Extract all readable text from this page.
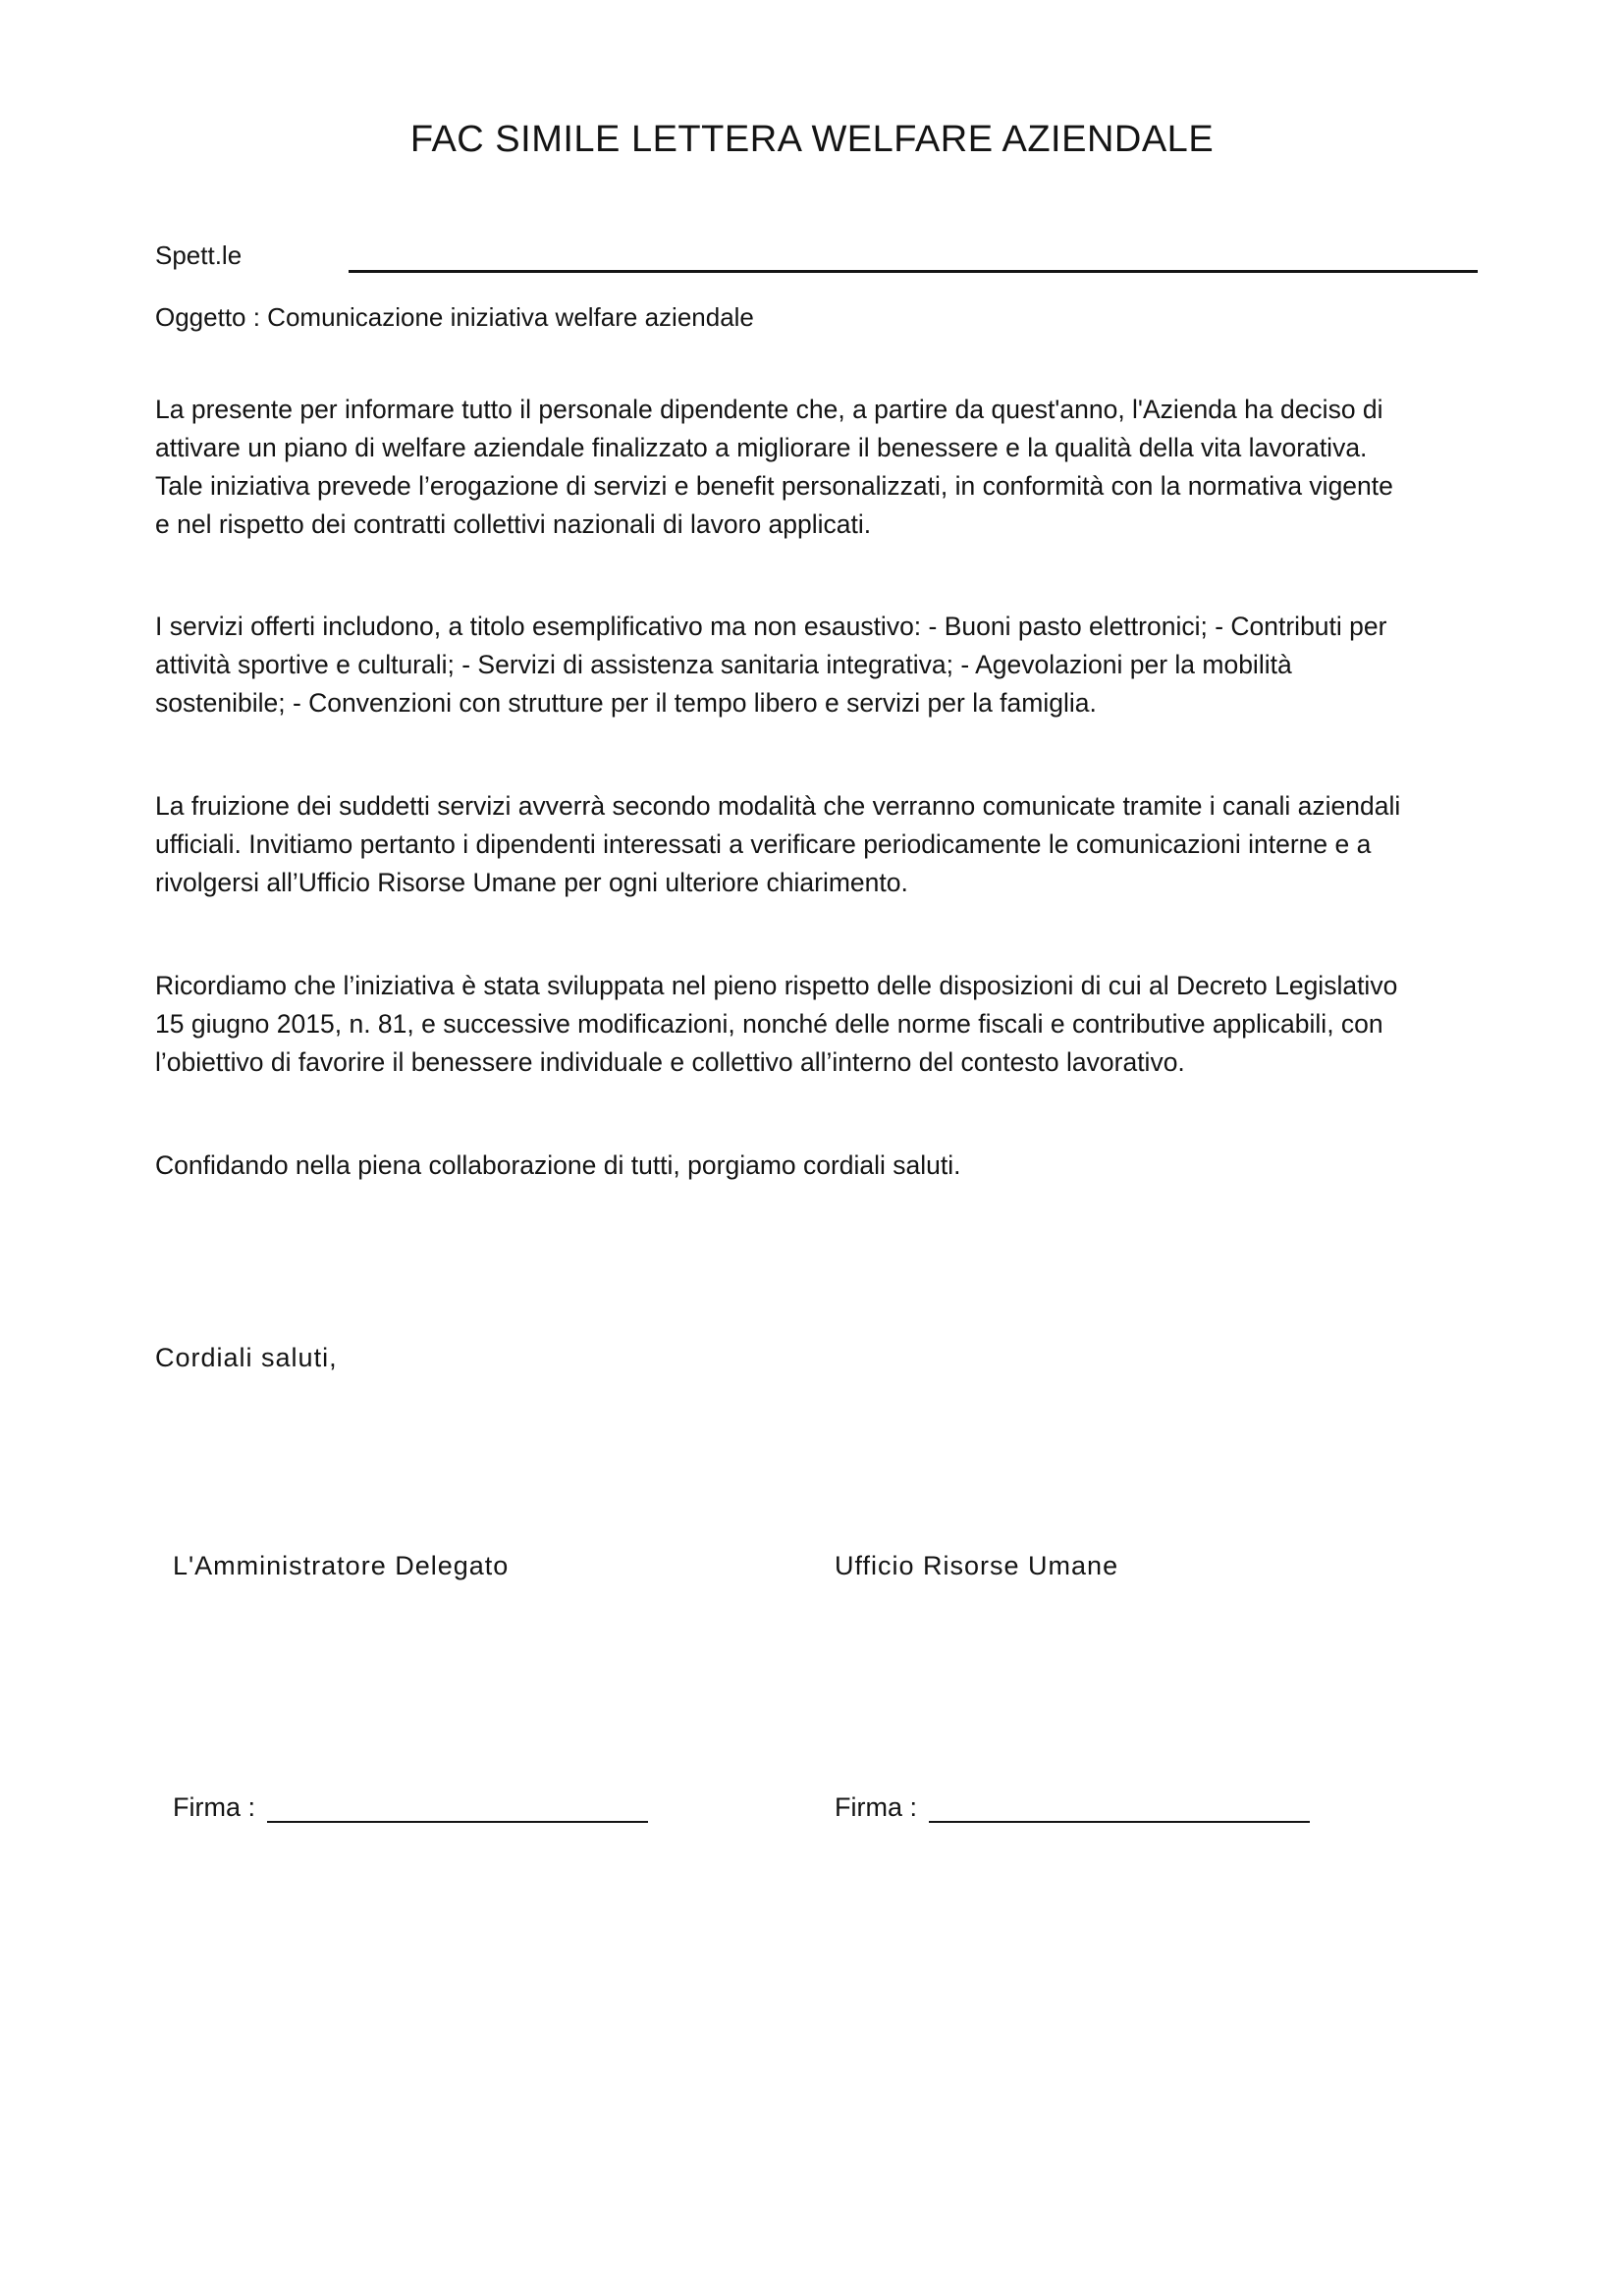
FAC SIMILE LETTERA WELFARE AZIENDALE
Spett.le
Oggetto : Comunicazione iniziativa welfare aziendale

La presente per informare tutto il personale dipendente che, a partire da quest'anno, l'Azienda ha deciso di
attivare un piano di welfare aziendale finalizzato a migliorare il benessere e la qualità della vita lavorativa.
Tale iniziativa prevede l’erogazione di servizi e benefit personalizzati, in conformità con la normativa vigente
e nel rispetto dei contratti collettivi nazionali di lavoro applicati.

I servizi offerti includono, a titolo esemplificativo ma non esaustivo: - Buoni pasto elettronici; - Contributi per
attività sportive e culturali; - Servizi di assistenza sanitaria integrativa; - Agevolazioni per la mobilità
sostenibile; - Convenzioni con strutture per il tempo libero e servizi per la famiglia.

La fruizione dei suddetti servizi avverrà secondo modalità che verranno comunicate tramite i canali aziendali
ufficiali. Invitiamo pertanto i dipendenti interessati a verificare periodicamente le comunicazioni interne e a
rivolgersi all’Ufficio Risorse Umane per ogni ulteriore chiarimento.

Ricordiamo che l’iniziativa è stata sviluppata nel pieno rispetto delle disposizioni di cui al Decreto Legislativo
15 giugno 2015, n. 81, e successive modificazioni, nonché delle norme fiscali e contributive applicabili, con
l’obiettivo di favorire il benessere individuale e collettivo all’interno del contesto lavorativo.

Confidando nella piena collaborazione di tutti, porgiamo cordiali saluti.

Cordiali saluti,
L'Amministratore Delegato	Ufficio Risorse Umane
Firma :	Firma :
